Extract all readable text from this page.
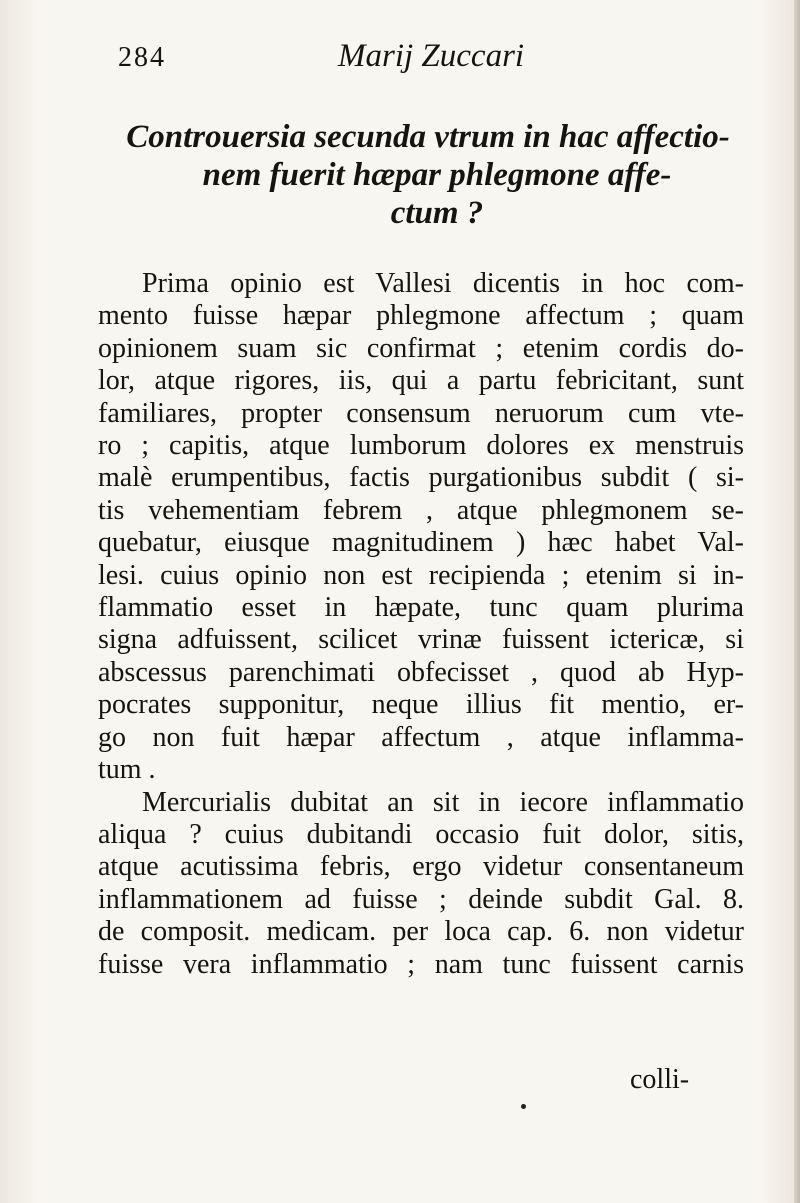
284	Marij Zuccari
Controuersia secunda vtrum in hac affectio-
nem fuerit hæpar phlegmone affe-
ctum ?
Prima opinio est Vallesi dicentis in hoc com-
mento fuisse hæpar phlegmone affectum ; quam
opinionem suam sic confirmat ; etenim cordis do-
lor, atque rigores, iis, qui a partu febricitant, sunt
familiares, propter consensum neruorum cum vte-
ro ; capitis, atque lumborum dolores ex menstruis
malè erumpentibus, factis purgationibus subdit ( si-
tis vehementiam febrem , atque phlegmonem se-
quebatur, eiusque magnitudinem ) hæc habet Val-
lesi. cuius opinio non est recipienda ; etenim si in-
flammatio esset in hæpate, tunc quam plurima
signa adfuissent, scilicet vrinæ fuissent ictericæ, si
abscessus parenchimati obfecisset , quod ab Hyp-
pocrates supponitur, neque illius fit mentio, er-
go non fuit hæpar affectum , atque inflamma-
tum .
Mercurialis dubitat an sit in iecore inflammatio
aliqua ? cuius dubitandi occasio fuit dolor, sitis,
atque acutissima febris, ergo videtur consentaneum
inflammationem ad fuisse ; deinde subdit Gal. 8.
de composit. medicam. per loca cap. 6. non videtur
fuisse vera inflammatio ; nam tunc fuissent carnis
colli-
